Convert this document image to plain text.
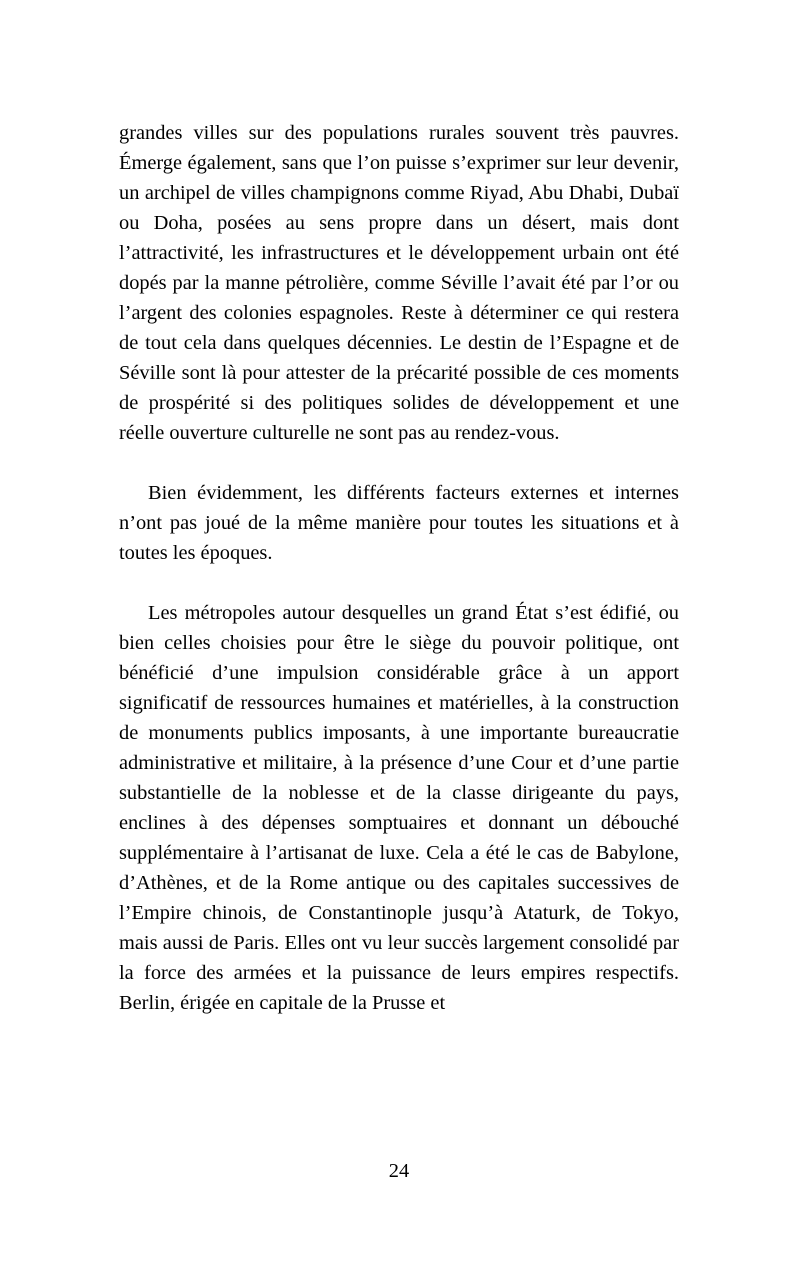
grandes villes sur des populations rurales souvent très pauvres. Émerge également, sans que l’on puisse s’exprimer sur leur devenir, un archipel de villes champignons comme Riyad, Abu Dhabi, Dubaï ou Doha, posées au sens propre dans un désert, mais dont l’attractivité, les infrastructures et le développement urbain ont été dopés par la manne pétrolière, comme Séville l’avait été par l’or ou l’argent des colonies espagnoles. Reste à déterminer ce qui restera de tout cela dans quelques décennies. Le destin de l’Espagne et de Séville sont là pour attester de la précarité possible de ces moments de prospérité si des politiques solides de développement et une réelle ouverture culturelle ne sont pas au rendez-vous.

Bien évidemment, les différents facteurs externes et internes n’ont pas joué de la même manière pour toutes les situations et à toutes les époques.

Les métropoles autour desquelles un grand État s’est édifié, ou bien celles choisies pour être le siège du pouvoir politique, ont bénéficié d’une impulsion considérable grâce à un apport significatif de ressources humaines et matérielles, à la construction de monuments publics imposants, à une importante bureaucratie administrative et militaire, à la présence d’une Cour et d’une partie substantielle de la noblesse et de la classe dirigeante du pays, enclines à des dépenses somptuaires et donnant un débouché supplémentaire à l’artisanat de luxe. Cela a été le cas de Babylone, d’Athènes, et de la Rome antique ou des capitales successives de l’Empire chinois, de Constantinople jusqu’à Ataturk, de Tokyo, mais aussi de Paris. Elles ont vu leur succès largement consolidé par la force des armées et la puissance de leurs empires respectifs. Berlin, érigée en capitale de la Prusse et

24
